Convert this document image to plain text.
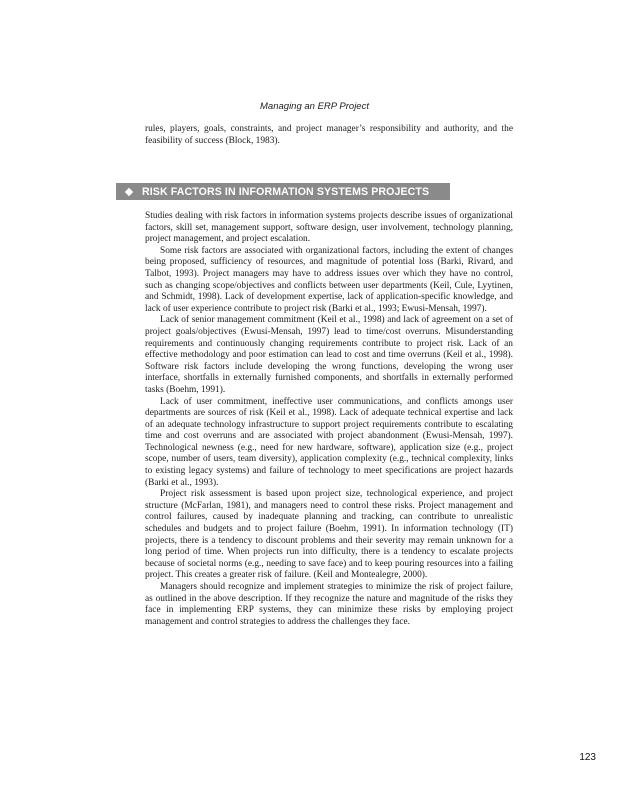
Managing an ERP Project

rules, players, goals, constraints, and project manager’s responsibility and authority, and the feasibility of success (Block, 1983).

RISK FACTORS IN INFORMATION SYSTEMS PROJECTS

Studies dealing with risk factors in information systems projects describe issues of organizational factors, skill set, management support, software design, user involvement, technology planning, project management, and project escalation.

Some risk factors are associated with organizational factors, including the extent of changes being proposed, sufficiency of resources, and magnitude of potential loss (Barki, Rivard, and Talbot, 1993). Project managers may have to address issues over which they have no control, such as changing scope/objectives and conflicts between user departments (Keil, Cule, Lyytinen, and Schmidt, 1998). Lack of development expertise, lack of application-specific knowledge, and lack of user experience contribute to project risk (Barki et al., 1993; Ewusi-Mensah, 1997).

Lack of senior management commitment (Keil et al., 1998) and lack of agreement on a set of project goals/objectives (Ewusi-Mensah, 1997) lead to time/cost overruns. Misunderstanding requirements and continuously changing requirements contribute to project risk. Lack of an effective methodology and poor estimation can lead to cost and time overruns (Keil et al., 1998). Software risk factors include developing the wrong functions, developing the wrong user interface, shortfalls in externally furnished components, and shortfalls in externally performed tasks (Boehm, 1991).

Lack of user commitment, ineffective user communications, and conflicts amongs user departments are sources of risk (Keil et al., 1998). Lack of adequate technical expertise and lack of an adequate technology infrastructure to support project requirements contribute to escalating time and cost overruns and are associated with project abandonment (Ewusi-Mensah, 1997). Technological newness (e.g., need for new hardware, software), application size (e.g., project scope, number of users, team diversity), application complexity (e.g., technical complexity, links to existing legacy systems) and failure of technology to meet specifications are project hazards (Barki et al., 1993).

Project risk assessment is based upon project size, technological experience, and project structure (McFarlan, 1981), and managers need to control these risks. Project management and control failures, caused by inadequate planning and tracking, can contribute to unrealistic schedules and budgets and to project failure (Boehm, 1991). In information technology (IT) projects, there is a tendency to discount problems and their severity may remain unknown for a long period of time. When projects run into difficulty, there is a tendency to escalate projects because of societal norms (e.g., needing to save face) and to keep pouring resources into a failing project. This creates a greater risk of failure. (Keil and Montealegre, 2000).

Managers should recognize and implement strategies to minimize the risk of project failure, as outlined in the above description. If they recognize the nature and magnitude of the risks they face in implementing ERP systems, they can minimize these risks by employing project management and control strategies to address the challenges they face.

123
